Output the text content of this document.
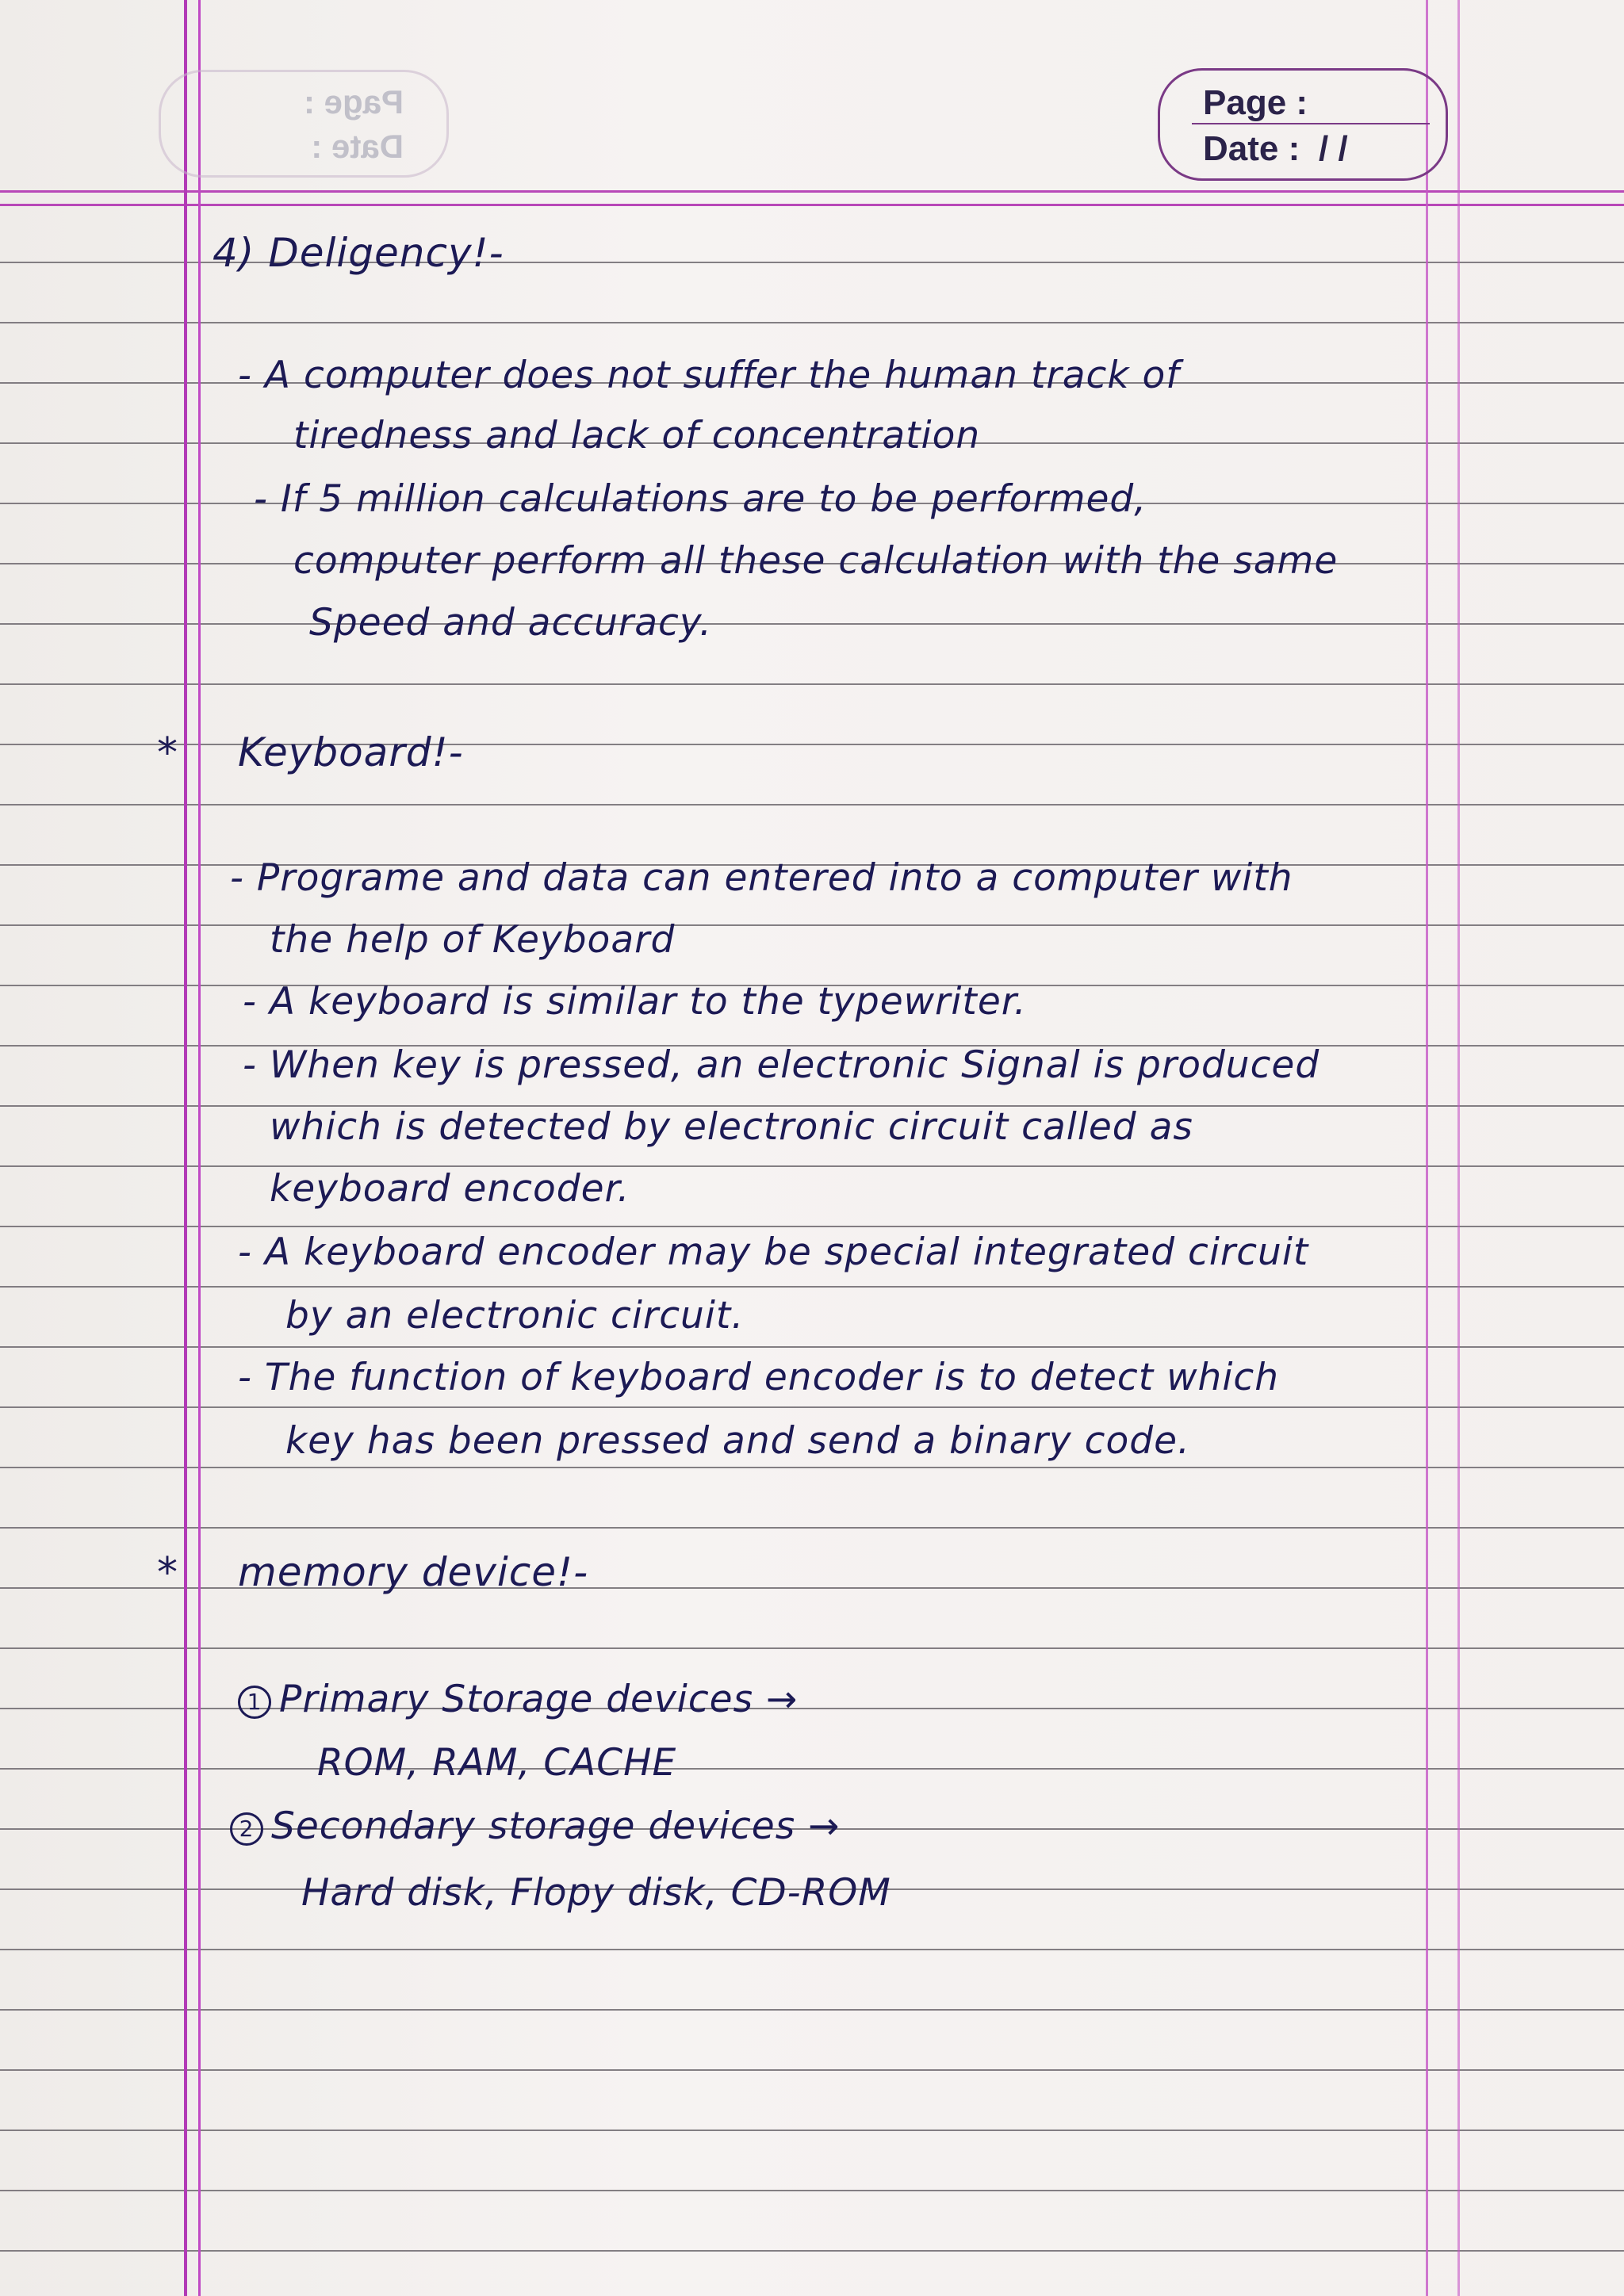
Page :
Date :
Page :
Date : / /
4) Deligency!-
- A computer does not suffer the human track of
tiredness and lack of concentration
- If 5 million calculations are to be performed,
computer perform all these calculation with the same
Speed and accuracy.
* Keyboard!-
- Programe and data can entered into a computer with
the help of Keyboard
- A keyboard is similar to the typewriter.
- When key is pressed, an electronic Signal is produced
which is detected by electronic circuit called as
keyboard encoder.
- A keyboard encoder may be special integrated circuit
by an electronic circuit.
- The function of keyboard encoder is to detect which
key has been pressed and send a binary code.
* memory device!-
1 Primary Storage devices →
ROM, RAM, CACHE
2 Secondary storage devices →
Hard disk, Flopy disk, CD-ROM
